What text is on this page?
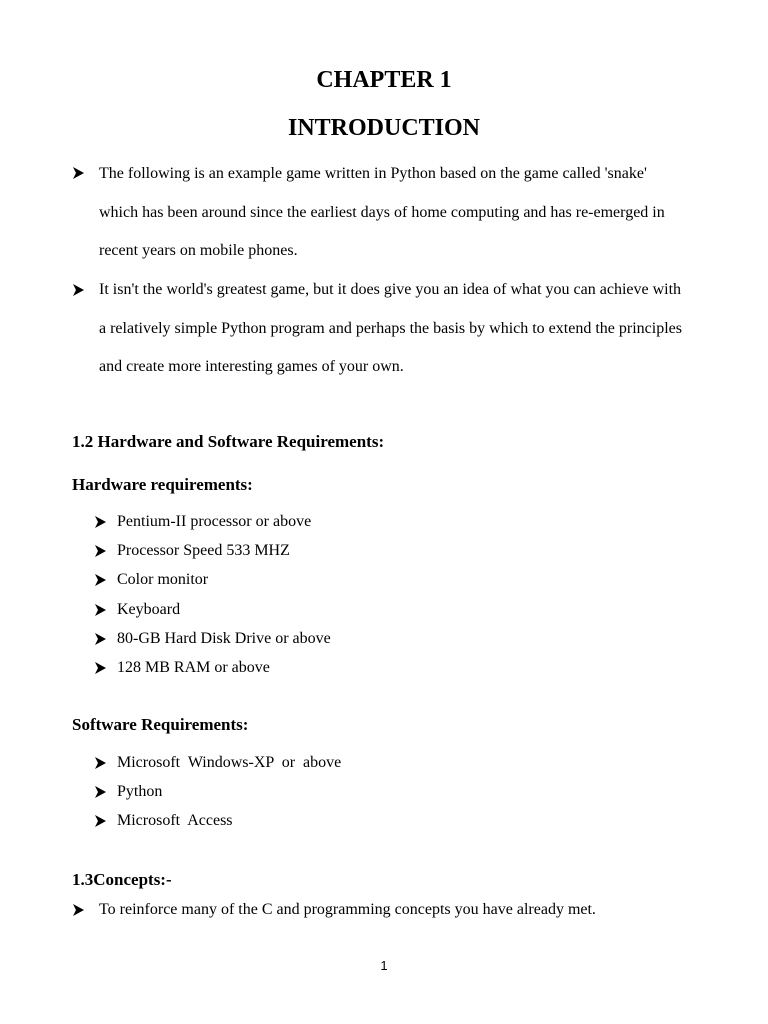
CHAPTER 1
INTRODUCTION

The following is an example game written in Python based on the game called 'snake'
which has been around since the earliest days of home computing and has re-emerged in
recent years on mobile phones.

It isn't the world's greatest game, but it does give you an idea of what you can achieve with
a relatively simple Python program and perhaps the basis by which to extend the principles
and create more interesting games of your own.

1.2 Hardware and Software Requirements:
Hardware requirements:
Pentium-II processor or above
Processor Speed 533 MHZ
Color monitor
Keyboard
80-GB Hard Disk Drive or above
128 MB RAM or above
Software Requirements:
Microsoft  Windows-XP  or  above
Python
Microsoft  Access
1.3Concepts:-

To reinforce many of the C and programming concepts you have already met.

1
